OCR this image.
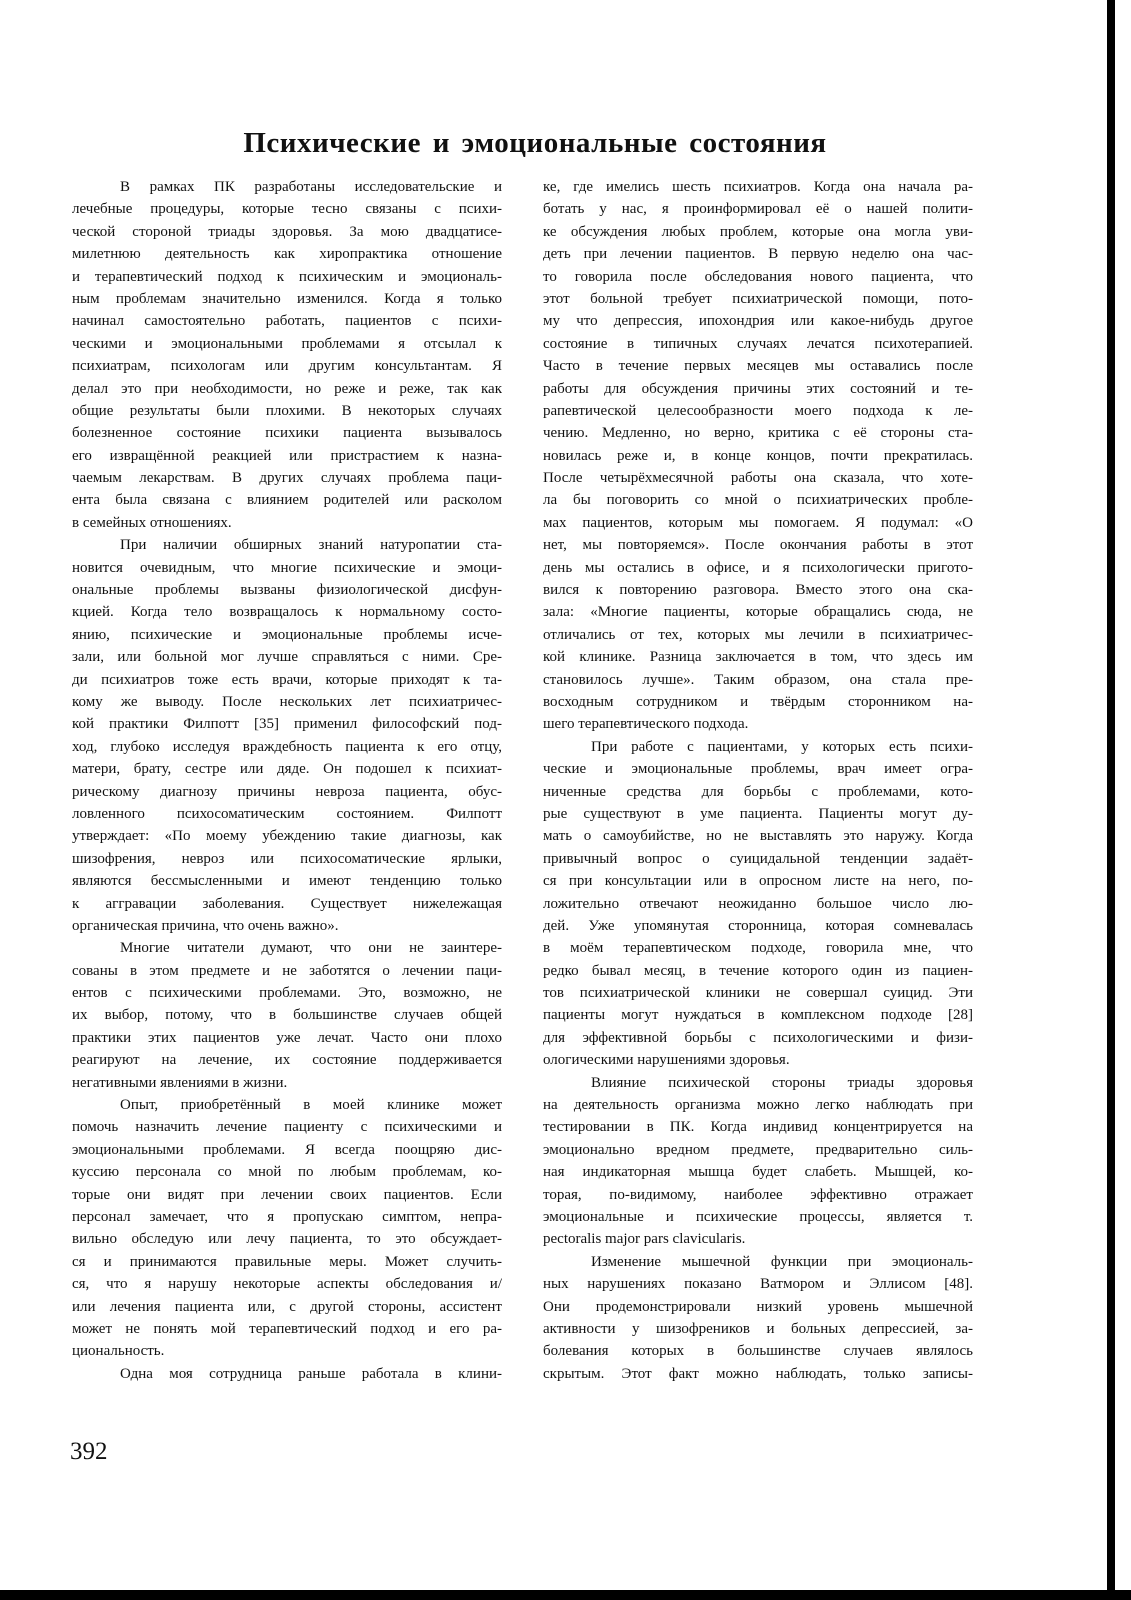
Психические и эмоциональные состояния
В рамках ПК разработаны исследовательские и
лечебные процедуры, которые тесно связаны с психи-
ческой стороной триады здоровья. За мою двадцатисе-
милетнюю деятельность как хиропрактика отношение
и терапевтический подход к психическим и эмоциональ-
ным проблемам значительно изменился. Когда я только
начинал самостоятельно работать, пациентов с психи-
ческими и эмоциональными проблемами я отсылал к
психиатрам, психологам или другим консультантам. Я
делал это при необходимости, но реже и реже, так как
общие результаты были плохими. В некоторых случаях
болезненное состояние психики пациента вызывалось
его извращённой реакцией или пристрастием к назна-
чаемым лекарствам. В других случаях проблема паци-
ента была связана с влиянием родителей или расколом
в семейных отношениях.
При наличии обширных знаний натуропатии ста-
новится очевидным, что многие психические и эмоци-
ональные проблемы вызваны физиологической дисфун-
кцией. Когда тело возвращалось к нормальному состо-
янию, психические и эмоциональные проблемы исче-
зали, или больной мог лучше справляться с ними. Сре-
ди психиатров тоже есть врачи, которые приходят к та-
кому же выводу. После нескольких лет психиатричес-
кой практики Филпотт [35] применил философский под-
ход, глубоко исследуя враждебность пациента к его отцу,
матери, брату, сестре или дяде. Он подошел к психиат-
рическому диагнозу причины невроза пациента, обус-
ловленного психосоматическим состоянием. Филпотт
утверждает: «По моему убеждению такие диагнозы, как
шизофрения, невроз или психосоматические ярлыки,
являются бессмысленными и имеют тенденцию только
к аггравации заболевания. Существует нижележащая
органическая причина, что очень важно».
Многие читатели думают, что они не заинтере-
сованы в этом предмете и не заботятся о лечении паци-
ентов с психическими проблемами. Это, возможно, не
их выбор, потому, что в большинстве случаев общей
практики этих пациентов уже лечат. Часто они плохо
реагируют на лечение, их состояние поддерживается
негативными явлениями в жизни.
Опыт, приобретённый в моей клинике может
помочь назначить лечение пациенту с психическими и
эмоциональными проблемами. Я всегда поощряю дис-
куссию персонала со мной по любым проблемам, ко-
торые они видят при лечении своих пациентов. Если
персонал замечает, что я пропускаю симптом, непра-
вильно обследую или лечу пациента, то это обсуждает-
ся и принимаются правильные меры. Может случить-
ся, что я нарушу некоторые аспекты обследования и/
или лечения пациента или, с другой стороны, ассистент
может не понять мой терапевтический подход и его ра-
циональность.
Одна моя сотрудница раньше работала в клини-
ке, где имелись шесть психиатров. Когда она начала ра-
ботать у нас, я проинформировал её о нашей полити-
ке обсуждения любых проблем, которые она могла уви-
деть при лечении пациентов. В первую неделю она час-
то говорила после обследования нового пациента, что
этот больной требует психиатрической помощи, пото-
му что депрессия, ипохондрия или какое-нибудь другое
состояние в типичных случаях лечатся психотерапией.
Часто в течение первых месяцев мы оставались после
работы для обсуждения причины этих состояний и те-
рапевтической целесообразности моего подхода к ле-
чению. Медленно, но верно, критика с её стороны ста-
новилась реже и, в конце концов, почти прекратилась.
После четырёхмесячной работы она сказала, что хоте-
ла бы поговорить со мной о психиатрических пробле-
мах пациентов, которым мы помогаем. Я подумал: «О
нет, мы повторяемся». После окончания работы в этот
день мы остались в офисе, и я психологически пригото-
вился к повторению разговора. Вместо этого она ска-
зала: «Многие пациенты, которые обращались сюда, не
отличались от тех, которых мы лечили в психиатричес-
кой клинике. Разница заключается в том, что здесь им
становилось лучше». Таким образом, она стала пре-
восходным сотрудником и твёрдым сторонником на-
шего терапевтического подхода.
При работе с пациентами, у которых есть психи-
ческие и эмоциональные проблемы, врач имеет огра-
ниченные средства для борьбы с проблемами, кото-
рые существуют в уме пациента. Пациенты могут ду-
мать о самоубийстве, но не выставлять это наружу. Когда
привычный вопрос о суицидальной тенденции задаёт-
ся при консультации или в опросном листе на него, по-
ложительно отвечают неожиданно большое число лю-
дей. Уже упомянутая сторонница, которая сомневалась
в моём терапевтическом подходе, говорила мне, что
редко бывал месяц, в течение которого один из пациен-
тов психиатрической клиники не совершал суицид. Эти
пациенты могут нуждаться в комплексном подходе [28]
для эффективной борьбы с психологическими и физи-
ологическими нарушениями здоровья.
Влияние психической стороны триады здоровья
на деятельность организма можно легко наблюдать при
тестировании в ПК. Когда индивид концентрируется на
эмоционально вредном предмете, предварительно силь-
ная индикаторная мышца будет слабеть. Мышцей, ко-
торая, по-видимому, наиболее эффективно отражает
эмоциональные и психические процессы, является т.
pectoralis major pars clavicularis.
Изменение мышечной функции при эмоциональ-
ных нарушениях показано Ватмором и Эллисом [48].
Они продемонстрировали низкий уровень мышечной
активности у шизофреников и больных депрессией, за-
болевания которых в большинстве случаев являлось
скрытым. Этот факт можно наблюдать, только записы-
392
